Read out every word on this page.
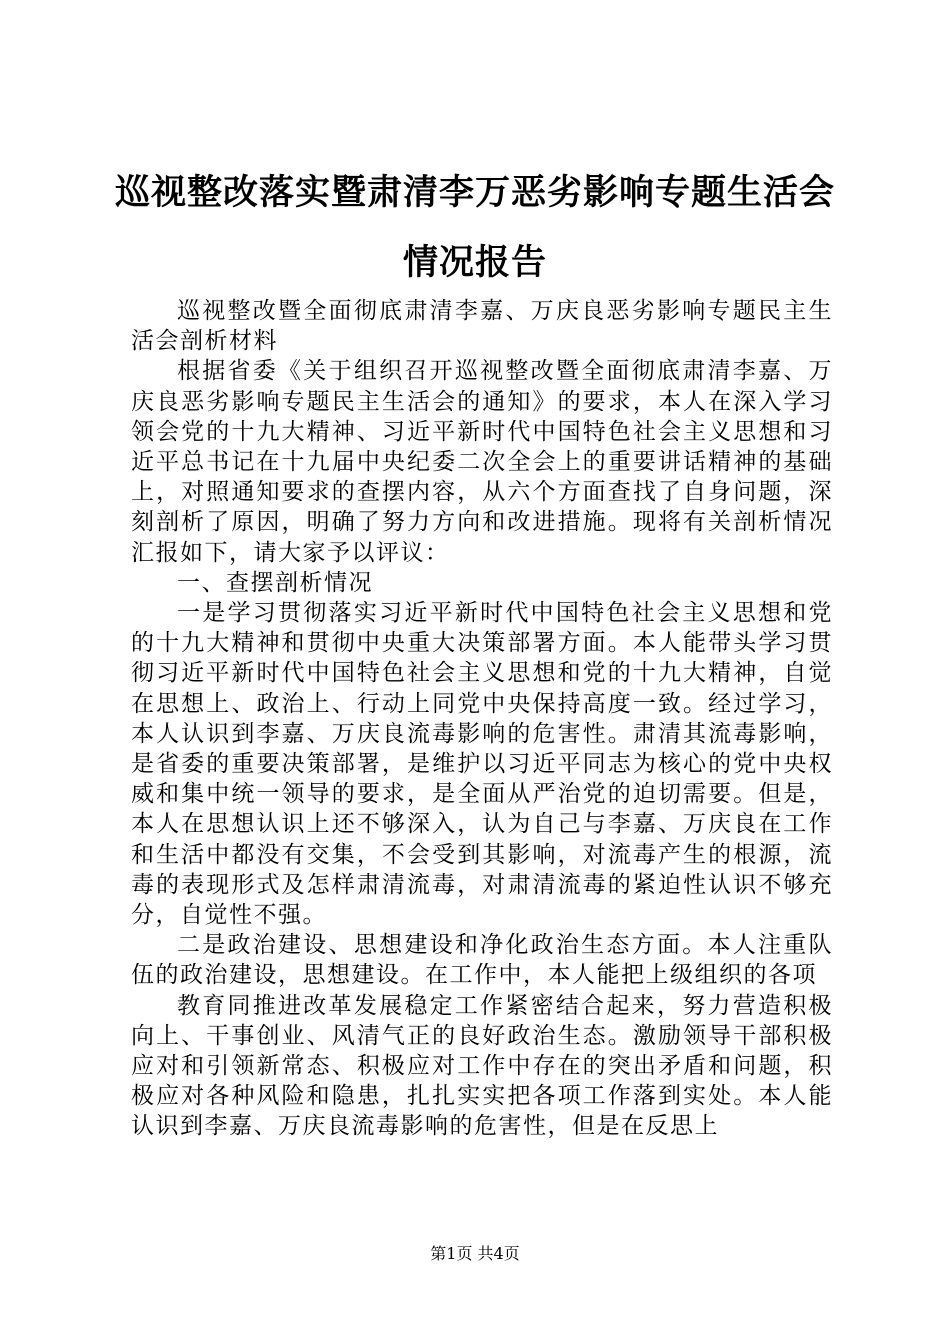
巡视整改落实暨肃清李万恶劣影响专题生活会情况报告

巡视整改暨全面彻底肃清李嘉、万庆良恶劣影响专题民主生活会剖析材料

根据省委《关于组织召开巡视整改暨全面彻底肃清李嘉、万庆良恶劣影响专题民主生活会的通知》的要求，本人在深入学习领会党的十九大精神、习近平新时代中国特色社会主义思想和习近平总书记在十九届中央纪委二次全会上的重要讲话精神的基础上，对照通知要求的查摆内容，从六个方面查找了自身问题，深刻剖析了原因，明确了努力方向和改进措施。现将有关剖析情况汇报如下，请大家予以评议：

一、查摆剖析情况

一是学习贯彻落实习近平新时代中国特色社会主义思想和党的十九大精神和贯彻中央重大决策部署方面。本人能带头学习贯彻习近平新时代中国特色社会主义思想和党的十九大精神，自觉在思想上、政治上、行动上同党中央保持高度一致。经过学习，本人认识到李嘉、万庆良流毒影响的危害性。肃清其流毒影响，是省委的重要决策部署，是维护以习近平同志为核心的党中央权威和集中统一领导的要求，是全面从严治党的迫切需要。但是，本人在思想认识上还不够深入，认为自己与李嘉、万庆良在工作和生活中都没有交集，不会受到其影响，对流毒产生的根源，流毒的表现形式及怎样肃清流毒，对肃清流毒的紧迫性认识不够充分，自觉性不强。

二是政治建设、思想建设和净化政治生态方面。本人注重队伍的政治建设，思想建设。在工作中，本人能把上级组织的各项

教育同推进改革发展稳定工作紧密结合起来，努力营造积极向上、干事创业、风清气正的良好政治生态。激励领导干部积极应对和引领新常态、积极应对工作中存在的突出矛盾和问题，积极应对各种风险和隐患，扎扎实实把各项工作落到实处。本人能认识到李嘉、万庆良流毒影响的危害性，但是在反思上

第1页 共4页
